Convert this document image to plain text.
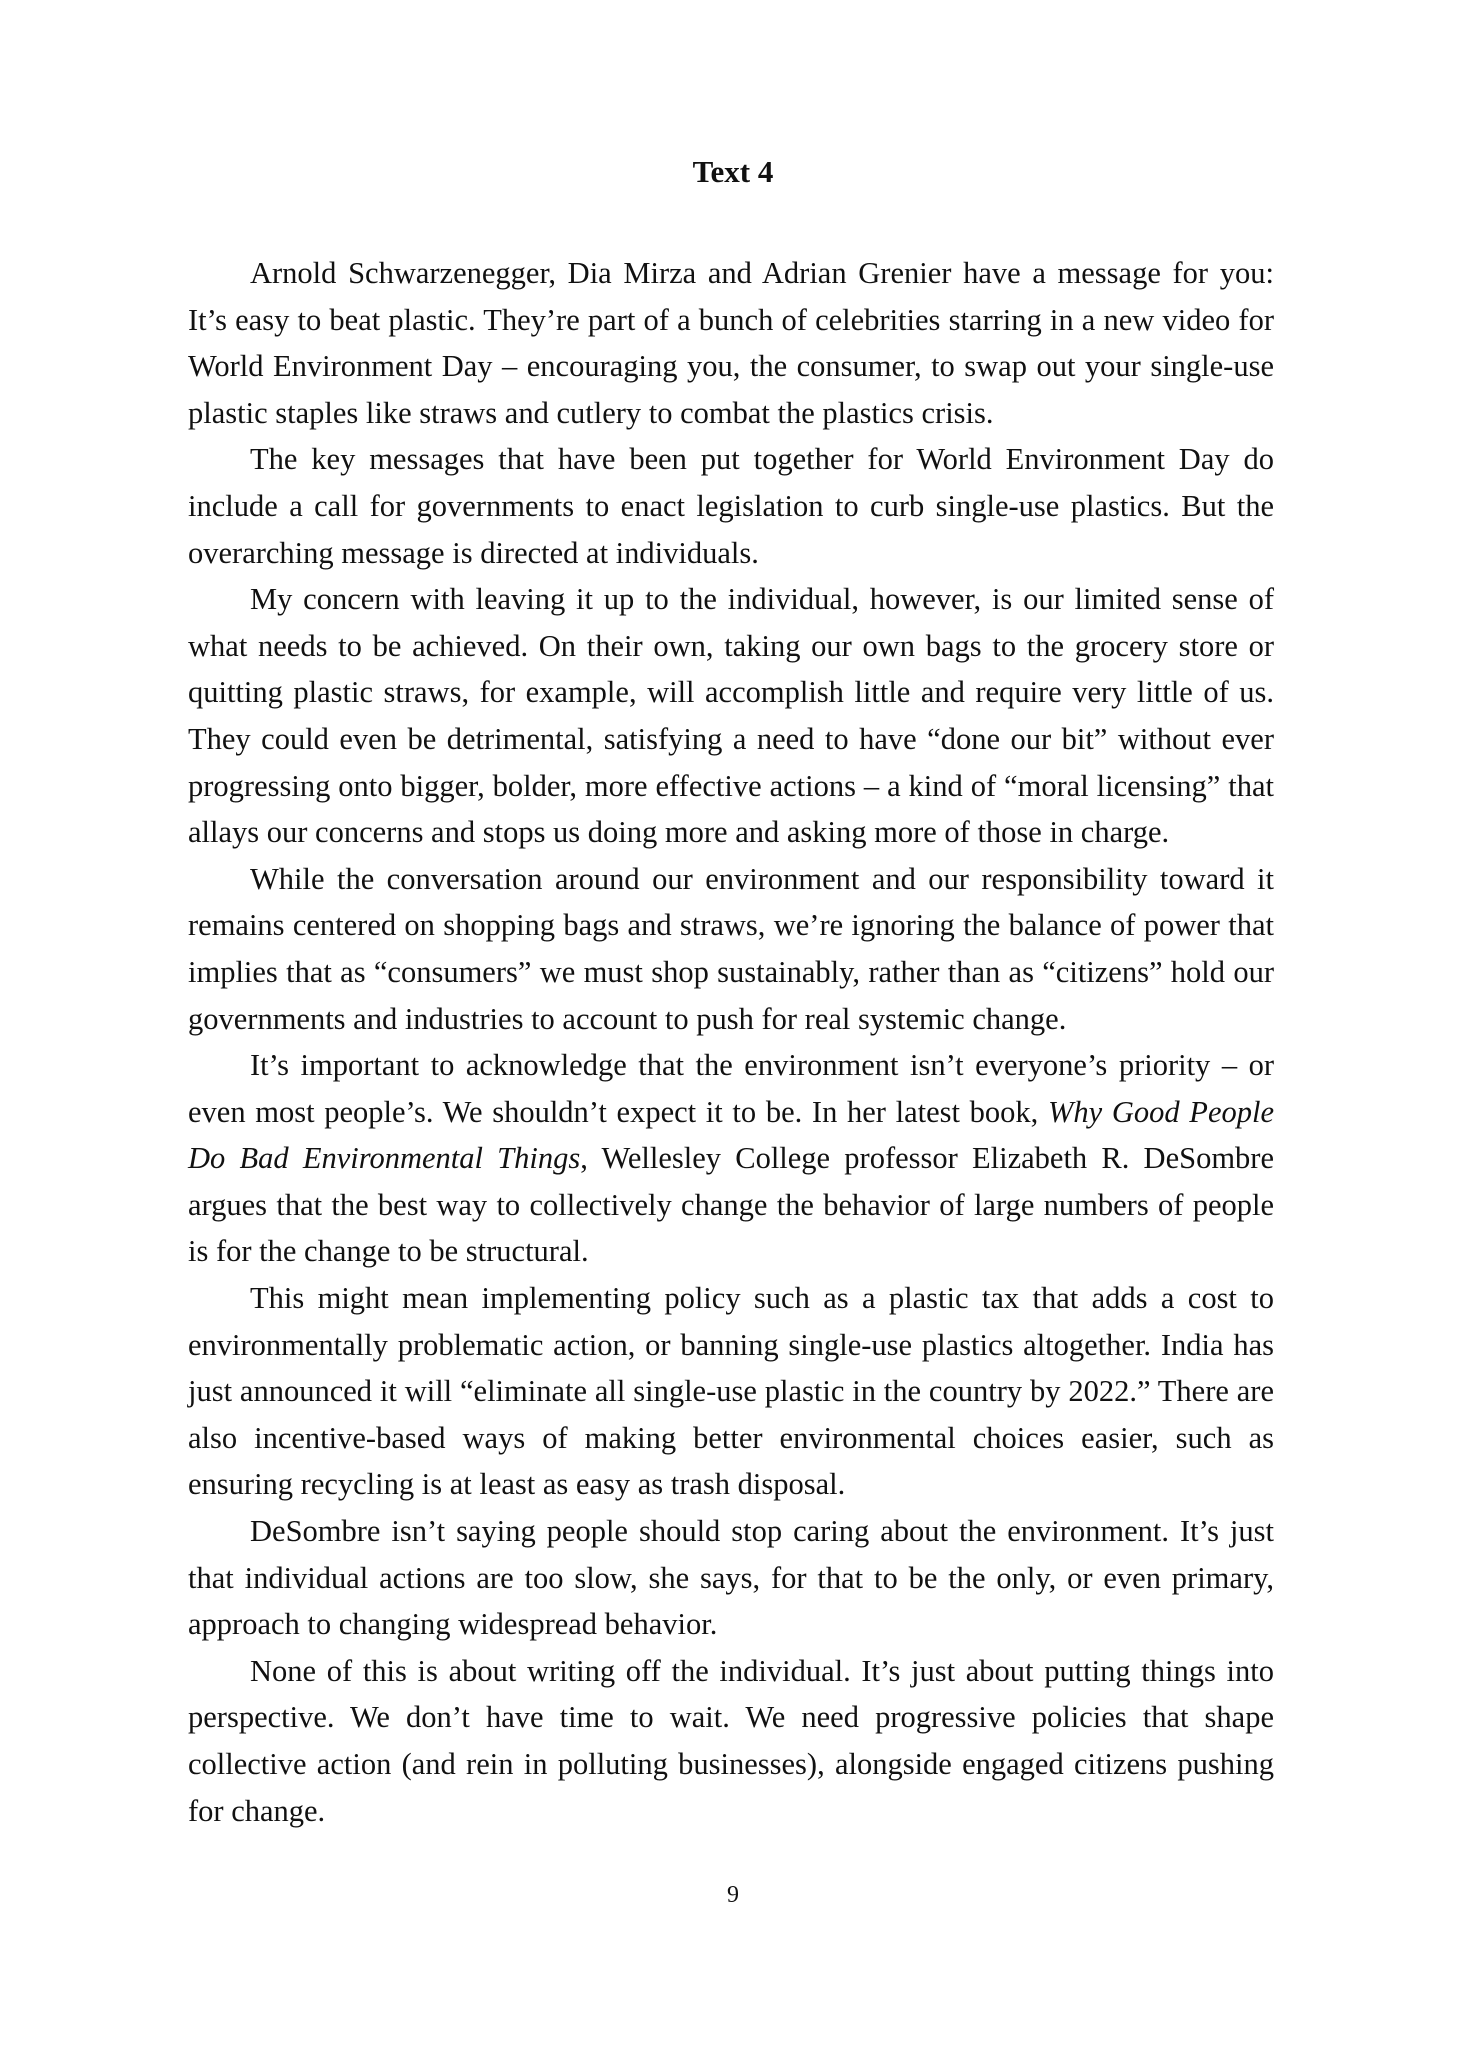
Text 4

Arnold Schwarzenegger, Dia Mirza and Adrian Grenier have a message for you: It’s easy to beat plastic. They’re part of a bunch of celebrities starring in a new video for World Environment Day – encouraging you, the consumer, to swap out your single-use plastic staples like straws and cutlery to combat the plastics crisis.

The key messages that have been put together for World Environment Day do include a call for governments to enact legislation to curb single-use plastics. But the overarching message is directed at individuals.

My concern with leaving it up to the individual, however, is our limited sense of what needs to be achieved. On their own, taking our own bags to the grocery store or quitting plastic straws, for example, will accomplish little and require very little of us. They could even be detrimental, satisfying a need to have “done our bit” without ever progressing onto bigger, bolder, more effective actions – a kind of “moral licensing” that allays our concerns and stops us doing more and asking more of those in charge.

While the conversation around our environment and our responsibility toward it remains centered on shopping bags and straws, we’re ignoring the balance of power that implies that as “consumers” we must shop sustainably, rather than as “citizens” hold our governments and industries to account to push for real systemic change.

It’s important to acknowledge that the environment isn’t everyone’s priority – or even most people’s. We shouldn’t expect it to be. In her latest book, Why Good People Do Bad Environmental Things, Wellesley College professor Elizabeth R. DeSombre argues that the best way to collectively change the behavior of large numbers of people is for the change to be structural.

This might mean implementing policy such as a plastic tax that adds a cost to environmentally problematic action, or banning single-use plastics altogether. India has just announced it will “eliminate all single-use plastic in the country by 2022.” There are also incentive-based ways of making better environmental choices easier, such as ensuring recycling is at least as easy as trash disposal.

DeSombre isn’t saying people should stop caring about the environment. It’s just that individual actions are too slow, she says, for that to be the only, or even primary, approach to changing widespread behavior.

None of this is about writing off the individual. It’s just about putting things into perspective. We don’t have time to wait. We need progressive policies that shape collective action (and rein in polluting businesses), alongside engaged citizens pushing for change.

9
